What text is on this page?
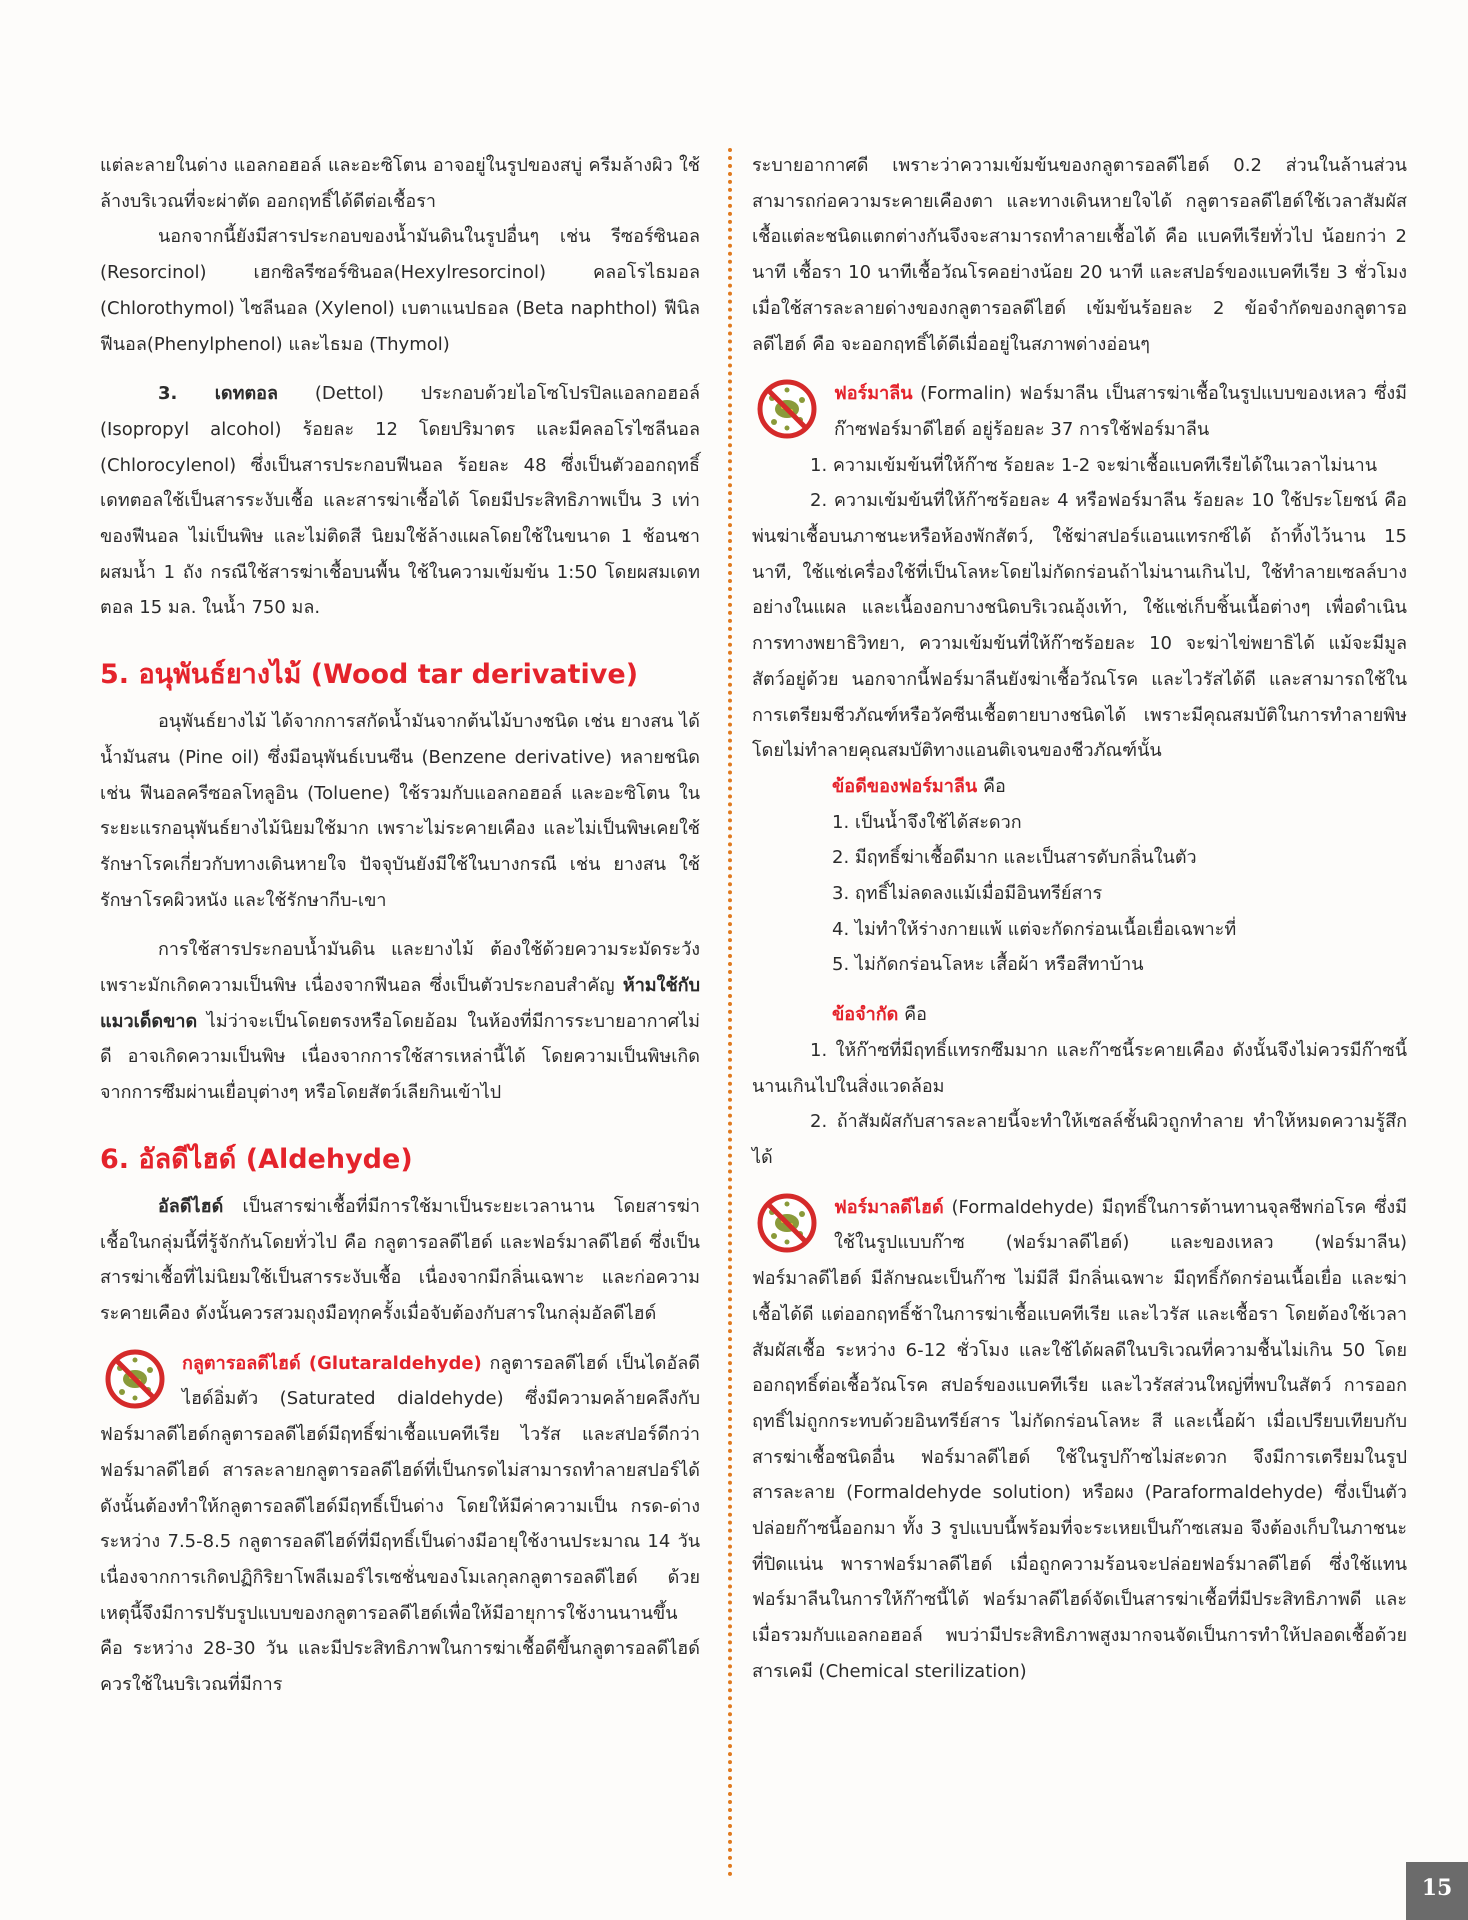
แต่ละลายในด่าง แอลกอฮอล์ และอะซิโตน อาจอยู่ในรูปของสบู่ ครีมล้างผิว ใช้ล้างบริเวณที่จะผ่าตัด ออกฤทธิ์ได้ดีต่อเชื้อรา

นอกจากนี้ยังมีสารประกอบของน้ำมันดินในรูปอื่นๆ เช่น รีซอร์ซินอล (Resorcinol) เฮกซิลรีซอร์ซินอล(Hexylresorcinol) คลอโรไธมอล (Chlorothymol) ไซลีนอล (Xylenol) เบตาแนปธอล (Beta naphthol) ฟีนิลฟีนอล(Phenylphenol) และไธมอ (Thymol)

3. เดทตอล (Dettol) ประกอบด้วยไอโซโปรปิลแอลกอฮอล์ (Isopropyl alcohol) ร้อยละ 12 โดยปริมาตร และมีคลอโรไซลีนอล (Chlorocylenol) ซึ่งเป็นสารประกอบฟีนอล ร้อยละ 48 ซึ่งเป็นตัวออกฤทธิ์ เดทตอลใช้เป็นสารระงับเชื้อ และสารฆ่าเชื้อได้ โดยมีประสิทธิภาพเป็น 3 เท่าของฟีนอล ไม่เป็นพิษ และไม่ติดสี นิยมใช้ล้างแผลโดยใช้ในขนาด 1 ช้อนชาผสมน้ำ 1 ถัง กรณีใช้สารฆ่าเชื้อบนพื้น ใช้ในความเข้มข้น 1:50 โดยผสมเดทตอล 15 มล. ในน้ำ 750 มล.

5. อนุพันธ์ยางไม้ (Wood tar derivative)

อนุพันธ์ยางไม้ ได้จากการสกัดน้ำมันจากต้นไม้บางชนิด เช่น ยางสน ได้น้ำมันสน (Pine oil) ซึ่งมีอนุพันธ์เบนซีน (Benzene derivative) หลายชนิด เช่น ฟีนอลครีซอลโทลูอิน (Toluene) ใช้รวมกับแอลกอฮอล์ และอะซิโตน ในระยะแรกอนุพันธ์ยางไม้นิยมใช้มาก เพราะไม่ระคายเคือง และไม่เป็นพิษเคยใช้รักษาโรคเกี่ยวกับทางเดินหายใจ ปัจจุบันยังมีใช้ในบางกรณี เช่น ยางสน ใช้รักษาโรคผิวหนัง และใช้รักษากีบ-เขา

การใช้สารประกอบน้ำมันดิน และยางไม้ ต้องใช้ด้วยความระมัดระวัง เพราะมักเกิดความเป็นพิษ เนื่องจากฟีนอล ซึ่งเป็นตัวประกอบสำคัญ ห้ามใช้กับแมวเด็ดขาด ไม่ว่าจะเป็นโดยตรงหรือโดยอ้อม ในห้องที่มีการระบายอากาศไม่ดี อาจเกิดความเป็นพิษ เนื่องจากการใช้สารเหล่านี้ได้ โดยความเป็นพิษเกิดจากการซึมผ่านเยื่อบุต่างๆ หรือโดยสัตว์เลียกินเข้าไป

6. อัลดีไฮด์ (Aldehyde)

อัลดีไฮด์ เป็นสารฆ่าเชื้อที่มีการใช้มาเป็นระยะเวลานาน โดยสารฆ่าเชื้อในกลุ่มนี้ที่รู้จักกันโดยทั่วไป คือ กลูตารอลดีไฮด์ และฟอร์มาลดีไฮด์ ซึ่งเป็นสารฆ่าเชื้อที่ไม่นิยมใช้เป็นสารระงับเชื้อ เนื่องจากมีกลิ่นเฉพาะ และก่อความระคายเคือง ดังนั้นควรสวมถุงมือทุกครั้งเมื่อจับต้องกับสารในกลุ่มอัลดีไฮด์

กลูตารอลดีไฮด์ (Glutaraldehyde) กลูตารอลดีไฮด์ เป็นไดอัลดีไฮด์อิ่มตัว (Saturated dialdehyde) ซึ่งมีความคล้ายคลึงกับฟอร์มาลดีไฮด์กลูตารอลดีไฮด์มีฤทธิ์ฆ่าเชื้อแบคทีเรีย ไวรัส และสปอร์ดีกว่าฟอร์มาลดีไฮด์ สารละลายกลูตารอลดีไฮด์ที่เป็นกรดไม่สามารถทำลายสปอร์ได้ ดังนั้นต้องทำให้กลูตารอลดีไฮด์มีฤทธิ์เป็นด่าง โดยให้มีค่าความเป็น กรด-ด่าง ระหว่าง 7.5-8.5 กลูตารอลดีไฮด์ที่มีฤทธิ์เป็นด่างมีอายุใช้งานประมาณ 14 วัน เนื่องจากการเกิดปฏิกิริยาโพลีเมอร์ไรเซชั่นของโมเลกุลกลูตารอลดีไฮด์ ด้วยเหตุนี้จึงมีการปรับรูปแบบของกลูตารอลดีไฮด์เพื่อให้มีอายุการใช้งานนานขึ้น คือ ระหว่าง 28-30 วัน และมีประสิทธิภาพในการฆ่าเชื้อดีขึ้นกลูตารอลดีไฮด์ควรใช้ในบริเวณที่มีการ

ระบายอากาศดี เพราะว่าความเข้มข้นของกลูตารอลดีไฮด์ 0.2 ส่วนในล้านส่วน สามารถก่อความระคายเคืองตา และทางเดินหายใจได้ กลูตารอลดีไฮด์ใช้เวลาสัมผัสเชื้อแต่ละชนิดแตกต่างกันจึงจะสามารถทำลายเชื้อได้ คือ แบคทีเรียทั่วไป น้อยกว่า 2 นาที เชื้อรา 10 นาทีเชื้อวัณโรคอย่างน้อย 20 นาที และสปอร์ของแบคทีเรีย 3 ชั่วโมง เมื่อใช้สารละลายด่างของกลูตารอลดีไฮด์ เข้มข้นร้อยละ 2 ข้อจำกัดของกลูตารอลดีไฮด์ คือ จะออกฤทธิ์ได้ดีเมื่ออยู่ในสภาพด่างอ่อนๆ

ฟอร์มาลีน (Formalin) ฟอร์มาลีน เป็นสารฆ่าเชื้อในรูปแบบของเหลว ซึ่งมีก๊าซฟอร์มาดีไฮด์ อยู่ร้อยละ 37 การใช้ฟอร์มาลีน

1. ความเข้มข้นที่ให้ก๊าซ ร้อยละ 1-2 จะฆ่าเชื้อแบคทีเรียได้ในเวลาไม่นาน

2. ความเข้มข้นที่ให้ก๊าซร้อยละ 4 หรือฟอร์มาลีน ร้อยละ 10 ใช้ประโยชน์ คือ พ่นฆ่าเชื้อบนภาชนะหรือห้องพักสัตว์, ใช้ฆ่าสปอร์แอนแทรกซ์ได้ ถ้าทิ้งไว้นาน 15 นาที, ใช้แช่เครื่องใช้ที่เป็นโลหะโดยไม่กัดกร่อนถ้าไม่นานเกินไป, ใช้ทำลายเซลล์บางอย่างในแผล และเนื้องอกบางชนิดบริเวณอุ้งเท้า, ใช้แช่เก็บชิ้นเนื้อต่างๆ เพื่อดำเนินการทางพยาธิวิทยา, ความเข้มข้นที่ให้ก๊าซร้อยละ 10 จะฆ่าไข่พยาธิได้ แม้จะมีมูลสัตว์อยู่ด้วย นอกจากนี้ฟอร์มาลีนยังฆ่าเชื้อวัณโรค และไวรัสได้ดี และสามารถใช้ในการเตรียมชีวภัณฑ์หรือวัคซีนเชื้อตายบางชนิดได้ เพราะมีคุณสมบัติในการทำลายพิษ โดยไม่ทำลายคุณสมบัติทางแอนติเจนของชีวภัณฑ์นั้น

ข้อดีของฟอร์มาลีน คือ

1. เป็นน้ำจึงใช้ได้สะดวก

2. มีฤทธิ์ฆ่าเชื้อดีมาก และเป็นสารดับกลิ่นในตัว

3. ฤทธิ์ไม่ลดลงแม้เมื่อมีอินทรีย์สาร

4. ไม่ทำให้ร่างกายแพ้ แต่จะกัดกร่อนเนื้อเยื่อเฉพาะที่

5. ไม่กัดกร่อนโลหะ เสื้อผ้า หรือสีทาบ้าน

ข้อจำกัด คือ

1. ให้ก๊าซที่มีฤทธิ์แทรกซึมมาก และก๊าซนี้ระคายเคือง ดังนั้นจึงไม่ควรมีก๊าซนี้นานเกินไปในสิ่งแวดล้อม

2. ถ้าสัมผัสกับสารละลายนี้จะทำให้เซลล์ชั้นผิวถูกทำลาย ทำให้หมดความรู้สึกได้

ฟอร์มาลดีไฮด์ (Formaldehyde) มีฤทธิ์ในการต้านทานจุลชีพก่อโรค ซึ่งมีใช้ในรูปแบบก๊าซ (ฟอร์มาลดีไฮด์) และของเหลว (ฟอร์มาลีน) ฟอร์มาลดีไฮด์ มีลักษณะเป็นก๊าซ ไม่มีสี มีกลิ่นเฉพาะ มีฤทธิ์กัดกร่อนเนื้อเยื่อ และฆ่าเชื้อได้ดี แต่ออกฤทธิ์ช้าในการฆ่าเชื้อแบคทีเรีย และไวรัส และเชื้อรา โดยต้องใช้เวลาสัมผัสเชื้อ ระหว่าง 6-12 ชั่วโมง และใช้ได้ผลดีในบริเวณที่ความชื้นไม่เกิน 50 โดยออกฤทธิ์ต่อเชื้อวัณโรค สปอร์ของแบคทีเรีย และไวรัสส่วนใหญ่ที่พบในสัตว์ การออกฤทธิ์ไม่ถูกกระทบด้วยอินทรีย์สาร ไม่กัดกร่อนโลหะ สี และเนื้อผ้า เมื่อเปรียบเทียบกับสารฆ่าเชื้อชนิดอื่น ฟอร์มาลดีไฮด์ ใช้ในรูปก๊าซไม่สะดวก จึงมีการเตรียมในรูปสารละลาย (Formaldehyde solution) หรือผง (Paraformaldehyde) ซึ่งเป็นตัวปล่อยก๊าซนี้ออกมา ทั้ง 3 รูปแบบนี้พร้อมที่จะระเหยเป็นก๊าซเสมอ จึงต้องเก็บในภาชนะที่ปิดแน่น พาราฟอร์มาลดีไฮด์ เมื่อถูกความร้อนจะปล่อยฟอร์มาลดีไฮด์ ซึ่งใช้แทนฟอร์มาลีนในการให้ก๊าซนี้ได้ ฟอร์มาลดีไฮด์จัดเป็นสารฆ่าเชื้อที่มีประสิทธิภาพดี และเมื่อรวมกับแอลกอฮอล์ พบว่ามีประสิทธิภาพสูงมากจนจัดเป็นการทำให้ปลอดเชื้อด้วยสารเคมี (Chemical sterilization)

15
